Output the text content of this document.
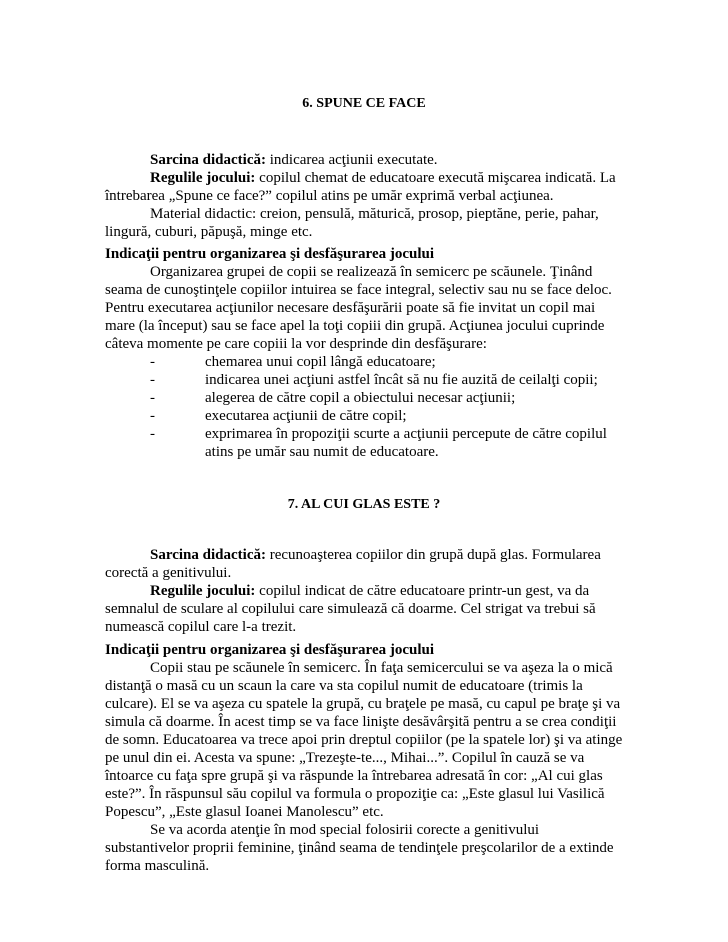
6. SPUNE CE FACE

Sarcina didactică: indicarea acţiunii executate.

Regulile jocului: copilul chemat de educatoare execută mişcarea indicată. La întrebarea „Spune ce face?” copilul atins pe umăr exprimă verbal acţiunea.

Material didactic: creion, pensulă, măturică, prosop, pieptăne, perie, pahar, lingură, cuburi, păpuşă, minge etc.

Indicaţii pentru organizarea şi desfăşurarea jocului

Organizarea grupei de copii se realizează în semicerc pe scăunele. Ţinând seama de cunoştinţele copiilor intuirea se face integral, selectiv sau nu se face deloc. Pentru executarea acţiunilor necesare desfăşurării poate să fie invitat un copil mai mare (la început) sau se face apel la toţi copiii din grupă. Acţiunea jocului cuprinde câteva momente pe care copiii la vor desprinde din desfăşurare:

-	chemarea unui copil lângă educatoare;
-	indicarea unei acţiuni astfel încât să nu fie auzită de ceilalţi copii;
-	alegerea de către copil a obiectului necesar acţiunii;
-	executarea acţiunii de către copil;
-	exprimarea în propoziţii scurte a acţiunii percepute de către copilul atins pe umăr sau numit de educatoare.
7. AL CUI GLAS ESTE ?

Sarcina didactică: recunoaşterea copiilor din grupă după glas. Formularea corectă a genitivului.

Regulile jocului: copilul indicat de către educatoare printr-un gest, va da semnalul de sculare al copilului care simulează că doarme. Cel strigat va trebui să numească copilul care l-a trezit.

Indicaţii pentru organizarea şi desfăşurarea jocului

Copii stau pe scăunele în semicerc. În faţa semicercului se va aşeza la o mică distanţă o masă cu un scaun la care va sta copilul numit de educatoare (trimis la culcare). El se va aşeza cu spatele la grupă, cu braţele pe masă, cu capul pe braţe şi va simula că doarme. În acest timp se va face linişte desăvârşită pentru a se crea condiţii de somn. Educatoarea va trece apoi prin dreptul copiilor (pe la spatele lor) şi va atinge pe unul din ei. Acesta va spune: „Trezeşte-te..., Mihai...”. Copilul în cauză se va întoarce cu faţa spre grupă şi va răspunde la întrebarea adresată în cor: „Al cui glas este?”. În răspunsul său copilul va formula o propoziţie ca: „Este glasul lui Vasilică Popescu”, „Este glasul Ioanei Manolescu” etc.

Se va acorda atenţie în mod special folosirii corecte a genitivului substantivelor proprii feminine, ţinând seama de tendinţele preşcolarilor de a extinde forma masculină.
